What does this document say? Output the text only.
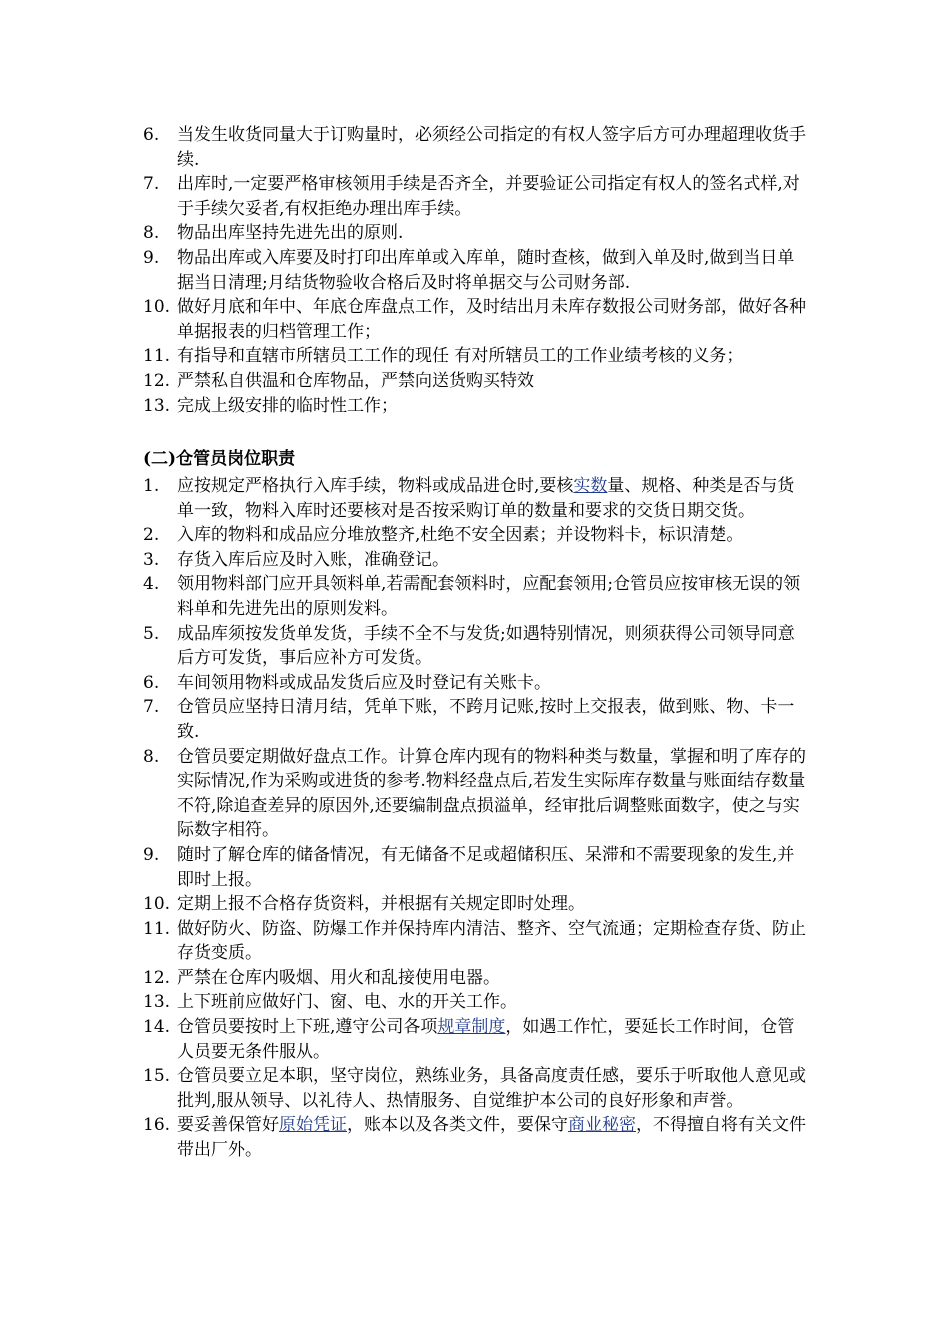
6. 当发生收货同量大于订购量时，必须经公司指定的有权人签字后方可办理超理收货手续.
7. 出库时,一定要严格审核领用手续是否齐全，并要验证公司指定有权人的签名式样,对于手续欠妥者,有权拒绝办理出库手续。
8. 物品出库坚持先进先出的原则.
9. 物品出库或入库要及时打印出库单或入库单，随时查核，做到入单及时,做到当日单据当日清理;月结货物验收合格后及时将单据交与公司财务部.
10. 做好月底和年中、年底仓库盘点工作，及时结出月未库存数报公司财务部，做好各种单据报表的归档管理工作；
11. 有指导和直辖市所辖员工工作的现任 有对所辖员工的工作业绩考核的义务；
12. 严禁私自供温和仓库物品，严禁向送货购买特效
13. 完成上级安排的临时性工作；
(二)仓管员岗位职责
1. 应按规定严格执行入库手续，物料或成品进仓时,要核实数量、规格、种类是否与货单一致，物料入库时还要核对是否按采购订单的数量和要求的交货日期交货。
2. 入库的物料和成品应分堆放整齐,杜绝不安全因素；并设物料卡，标识清楚。
3. 存货入库后应及时入账，准确登记。
4. 领用物料部门应开具领料单,若需配套领料时，应配套领用;仓管员应按审核无误的领料单和先进先出的原则发料。
5. 成品库须按发货单发货，手续不全不与发货;如遇特别情况，则须获得公司领导同意后方可发货，事后应补方可发货。
6. 车间领用物料或成品发货后应及时登记有关账卡。
7. 仓管员应坚持日清月结，凭单下账，不跨月记账,按时上交报表，做到账、物、卡一致.
8. 仓管员要定期做好盘点工作。计算仓库内现有的物料种类与数量，掌握和明了库存的实际情况,作为采购或进货的参考.物料经盘点后,若发生实际库存数量与账面结存数量不符,除追查差异的原因外,还要编制盘点损溢单，经审批后调整账面数字，使之与实际数字相符。
9. 随时了解仓库的储备情况，有无储备不足或超储积压、呆滞和不需要现象的发生,并即时上报。
10. 定期上报不合格存货资料，并根据有关规定即时处理。
11. 做好防火、防盗、防爆工作并保持库内清洁、整齐、空气流通；定期检查存货、防止存货变质。
12. 严禁在仓库内吸烟、用火和乱接使用电器。
13. 上下班前应做好门、窗、电、水的开关工作。
14. 仓管员要按时上下班,遵守公司各项规章制度，如遇工作忙，要延长工作时间，仓管人员要无条件服从。
15. 仓管员要立足本职，坚守岗位，熟练业务，具备高度责任感，要乐于听取他人意见或批判,服从领导、以礼待人、热情服务、自觉维护本公司的良好形象和声誉。
16. 要妥善保管好原始凭证，账本以及各类文件，要保守商业秘密，不得擅自将有关文件带出厂外。
